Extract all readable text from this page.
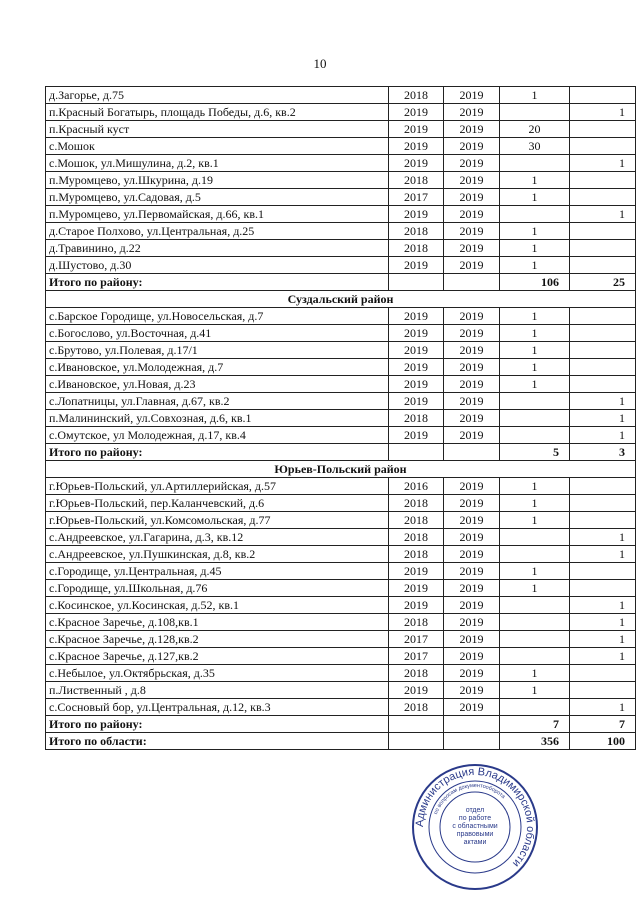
10
д.Загорье, д.75	2018	2019	1	
п.Красный Богатырь, площадь Победы, д.6, кв.2	2019	2019		1
п.Красный куст	2019	2019	20	
с.Мошок	2019	2019	30	
с.Мошок, ул.Мишулина, д.2, кв.1	2019	2019		1
п.Муромцево, ул.Шкурина, д.19	2018	2019	1	
п.Муромцево, ул.Садовая, д.5	2017	2019	1	
п.Муромцево, ул.Первомайская, д.66, кв.1	2019	2019		1
д.Старое Полхово, ул.Центральная, д.25	2018	2019	1	
д.Травинино, д.22	2018	2019	1	
д.Шустово, д.30	2019	2019	1	
Итого по району:			106	25
Суздальский район				
с.Барское Городище, ул.Новосельская, д.7	2019	2019	1	
с.Богослово, ул.Восточная, д.41	2019	2019	1	
с.Брутово, ул.Полевая, д.17/1	2019	2019	1	
с.Ивановское, ул.Молодежная, д.7	2019	2019	1	
с.Ивановское, ул.Новая, д.23	2019	2019	1	
с.Лопатницы, ул.Главная, д.67, кв.2	2019	2019		1
п.Малининский, ул.Совхозная, д.6, кв.1	2018	2019		1
с.Омутское, ул Молодежная, д.17, кв.4	2019	2019		1
Итого по району:			5	3
Юрьев-Польский район				
г.Юрьев-Польский, ул.Артиллерийская, д.57	2016	2019	1	
г.Юрьев-Польский, пер.Каланчевский, д.6	2018	2019	1	
г.Юрьев-Польский, ул.Комсомольская, д.77	2018	2019	1	
с.Андреевское, ул.Гагарина, д.3, кв.12	2018	2019		1
с.Андреевское, ул.Пушкинская, д.8, кв.2	2018	2019		1
с.Городище, ул.Центральная, д.45	2019	2019	1	
с.Городище, ул.Школьная, д.76	2019	2019	1	
с.Косинское, ул.Косинская, д.52, кв.1	2019	2019		1
с.Красное Заречье, д.108,кв.1	2018	2019		1
с.Красное Заречье, д.128,кв.2	2017	2019		1
с.Красное Заречье, д.127,кв.2	2017	2019		1
с.Небылое, ул.Октябрьская, д.35	2018	2019	1	
п.Лиственный , д.8	2019	2019	1	
с.Сосновый бор, ул.Центральная, д.12, кв.3	2018	2019		1
Итого по району:			7	7
Итого по области:			356	100
Администрация Владимирской области
по вопросам документооборота
отдел
по работе
с областными
правовыми
актами
